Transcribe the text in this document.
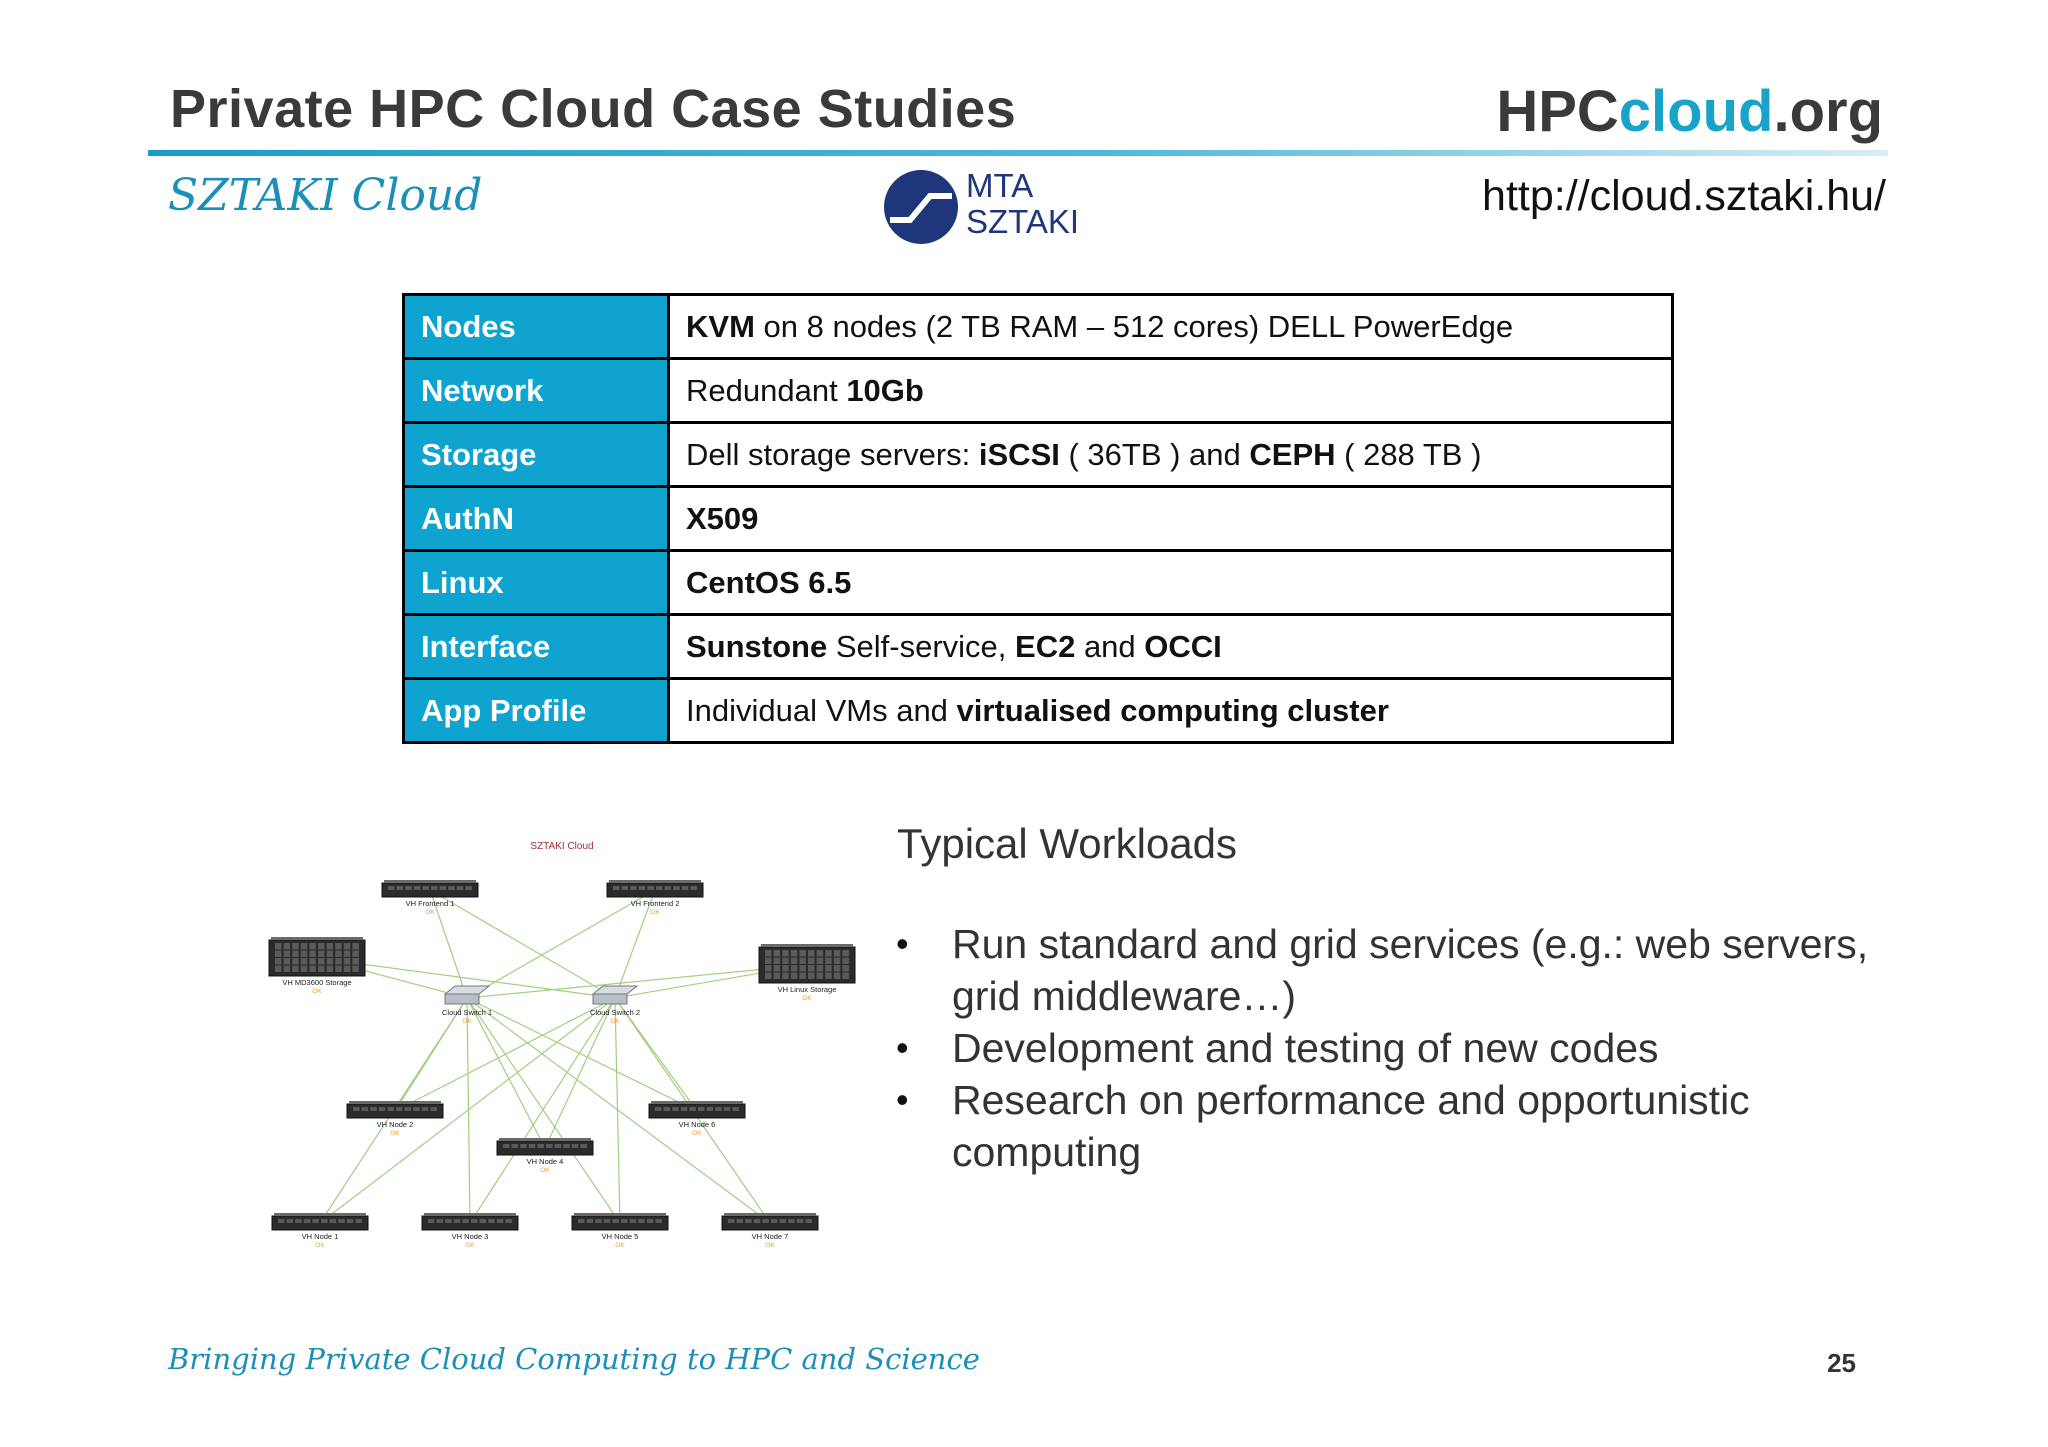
Private HPC Cloud Case Studies	HPCcloud.org
SZTAKI Cloud	MTA
SZTAKI
http://cloud.sztaki.hu/
Nodes	KVM on 8 nodes (2 TB RAM – 512 cores) DELL PowerEdge
Network	Redundant 10Gb
Storage	Dell storage servers: iSCSI ( 36TB ) and CEPH ( 288 TB )
AuthN	X509
Linux	CentOS 6.5
Interface	Sunstone Self-service, EC2 and OCCI
App Profile	Individual VMs and virtualised computing cluster
SZTAKI Cloud
VH Frontend 1
OK
VH Frontend 2
OK
VH MD3600 Storage
OK	VH Linux Storage
OK
Cloud Switch 1
OK
Cloud Switch 2
OK
VH Node 2
OK
VH Node 6
OK
VH Node 4
OK
VH Node 1
OK
VH Node 3
OK
VH Node 5
OK
VH Node 7
OK
Typical Workloads
• Run standard and grid services (e.g.: web servers, grid middleware…)
• Development and testing of new codes
• Research on performance and opportunistic computing
Bringing Private Cloud Computing to HPC and Science	25
